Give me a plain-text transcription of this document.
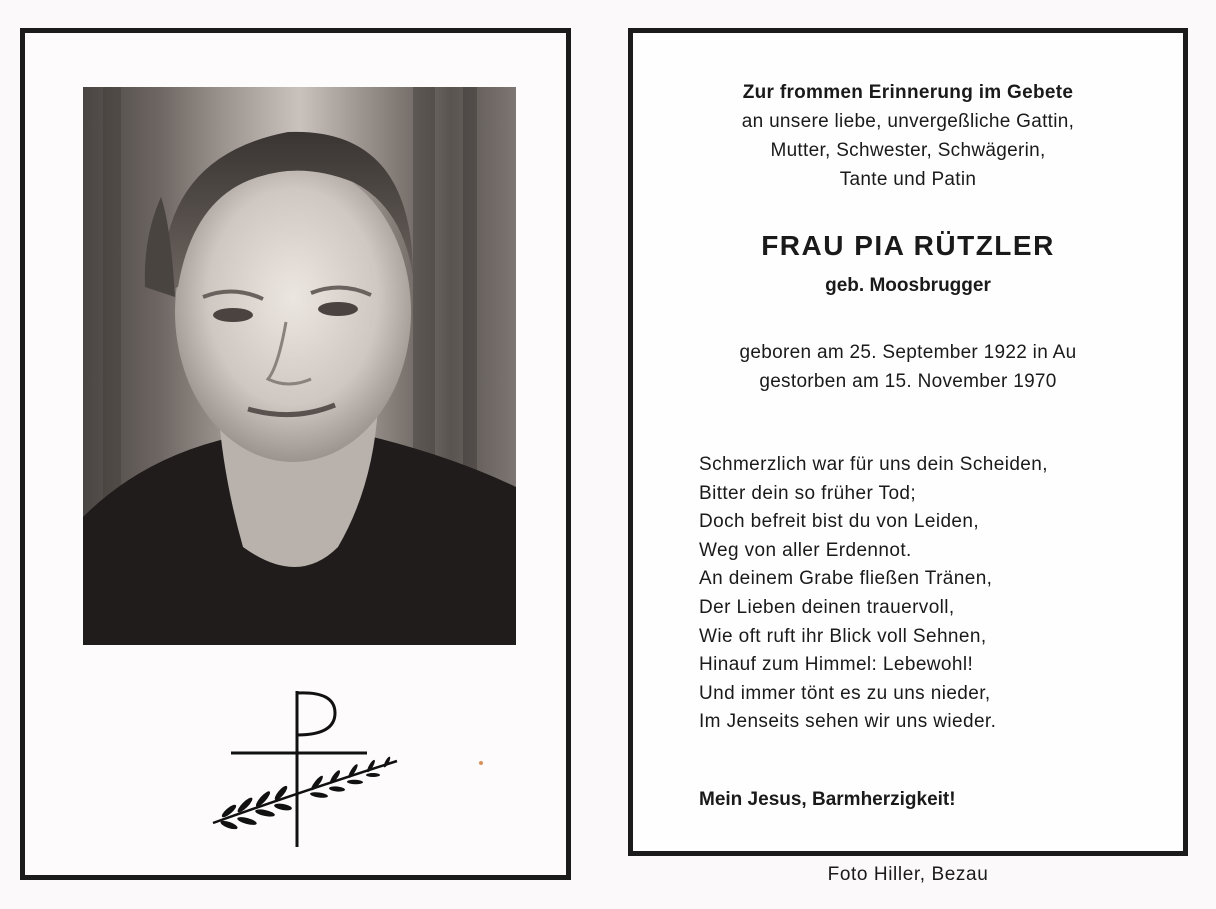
Zur frommen Erinnerung im Gebete
an unsere liebe, unvergeßliche Gattin,
Mutter, Schwester, Schwägerin,
Tante und Patin
FRAU PIA RÜTZLER
geb. Moosbrugger
geboren am 25. September 1922 in Au
gestorben am 15. November 1970
Schmerzlich war für uns dein Scheiden,
Bitter dein so früher Tod;
Doch befreit bist du von Leiden,
Weg von aller Erdennot.
An deinem Grabe fließen Tränen,
Der Lieben deinen trauervoll,
Wie oft ruft ihr Blick voll Sehnen,
Hinauf zum Himmel: Lebewohl!
Und immer tönt es zu uns nieder,
Im Jenseits sehen wir uns wieder.
Mein Jesus, Barmherzigkeit!
Foto Hiller, Bezau
